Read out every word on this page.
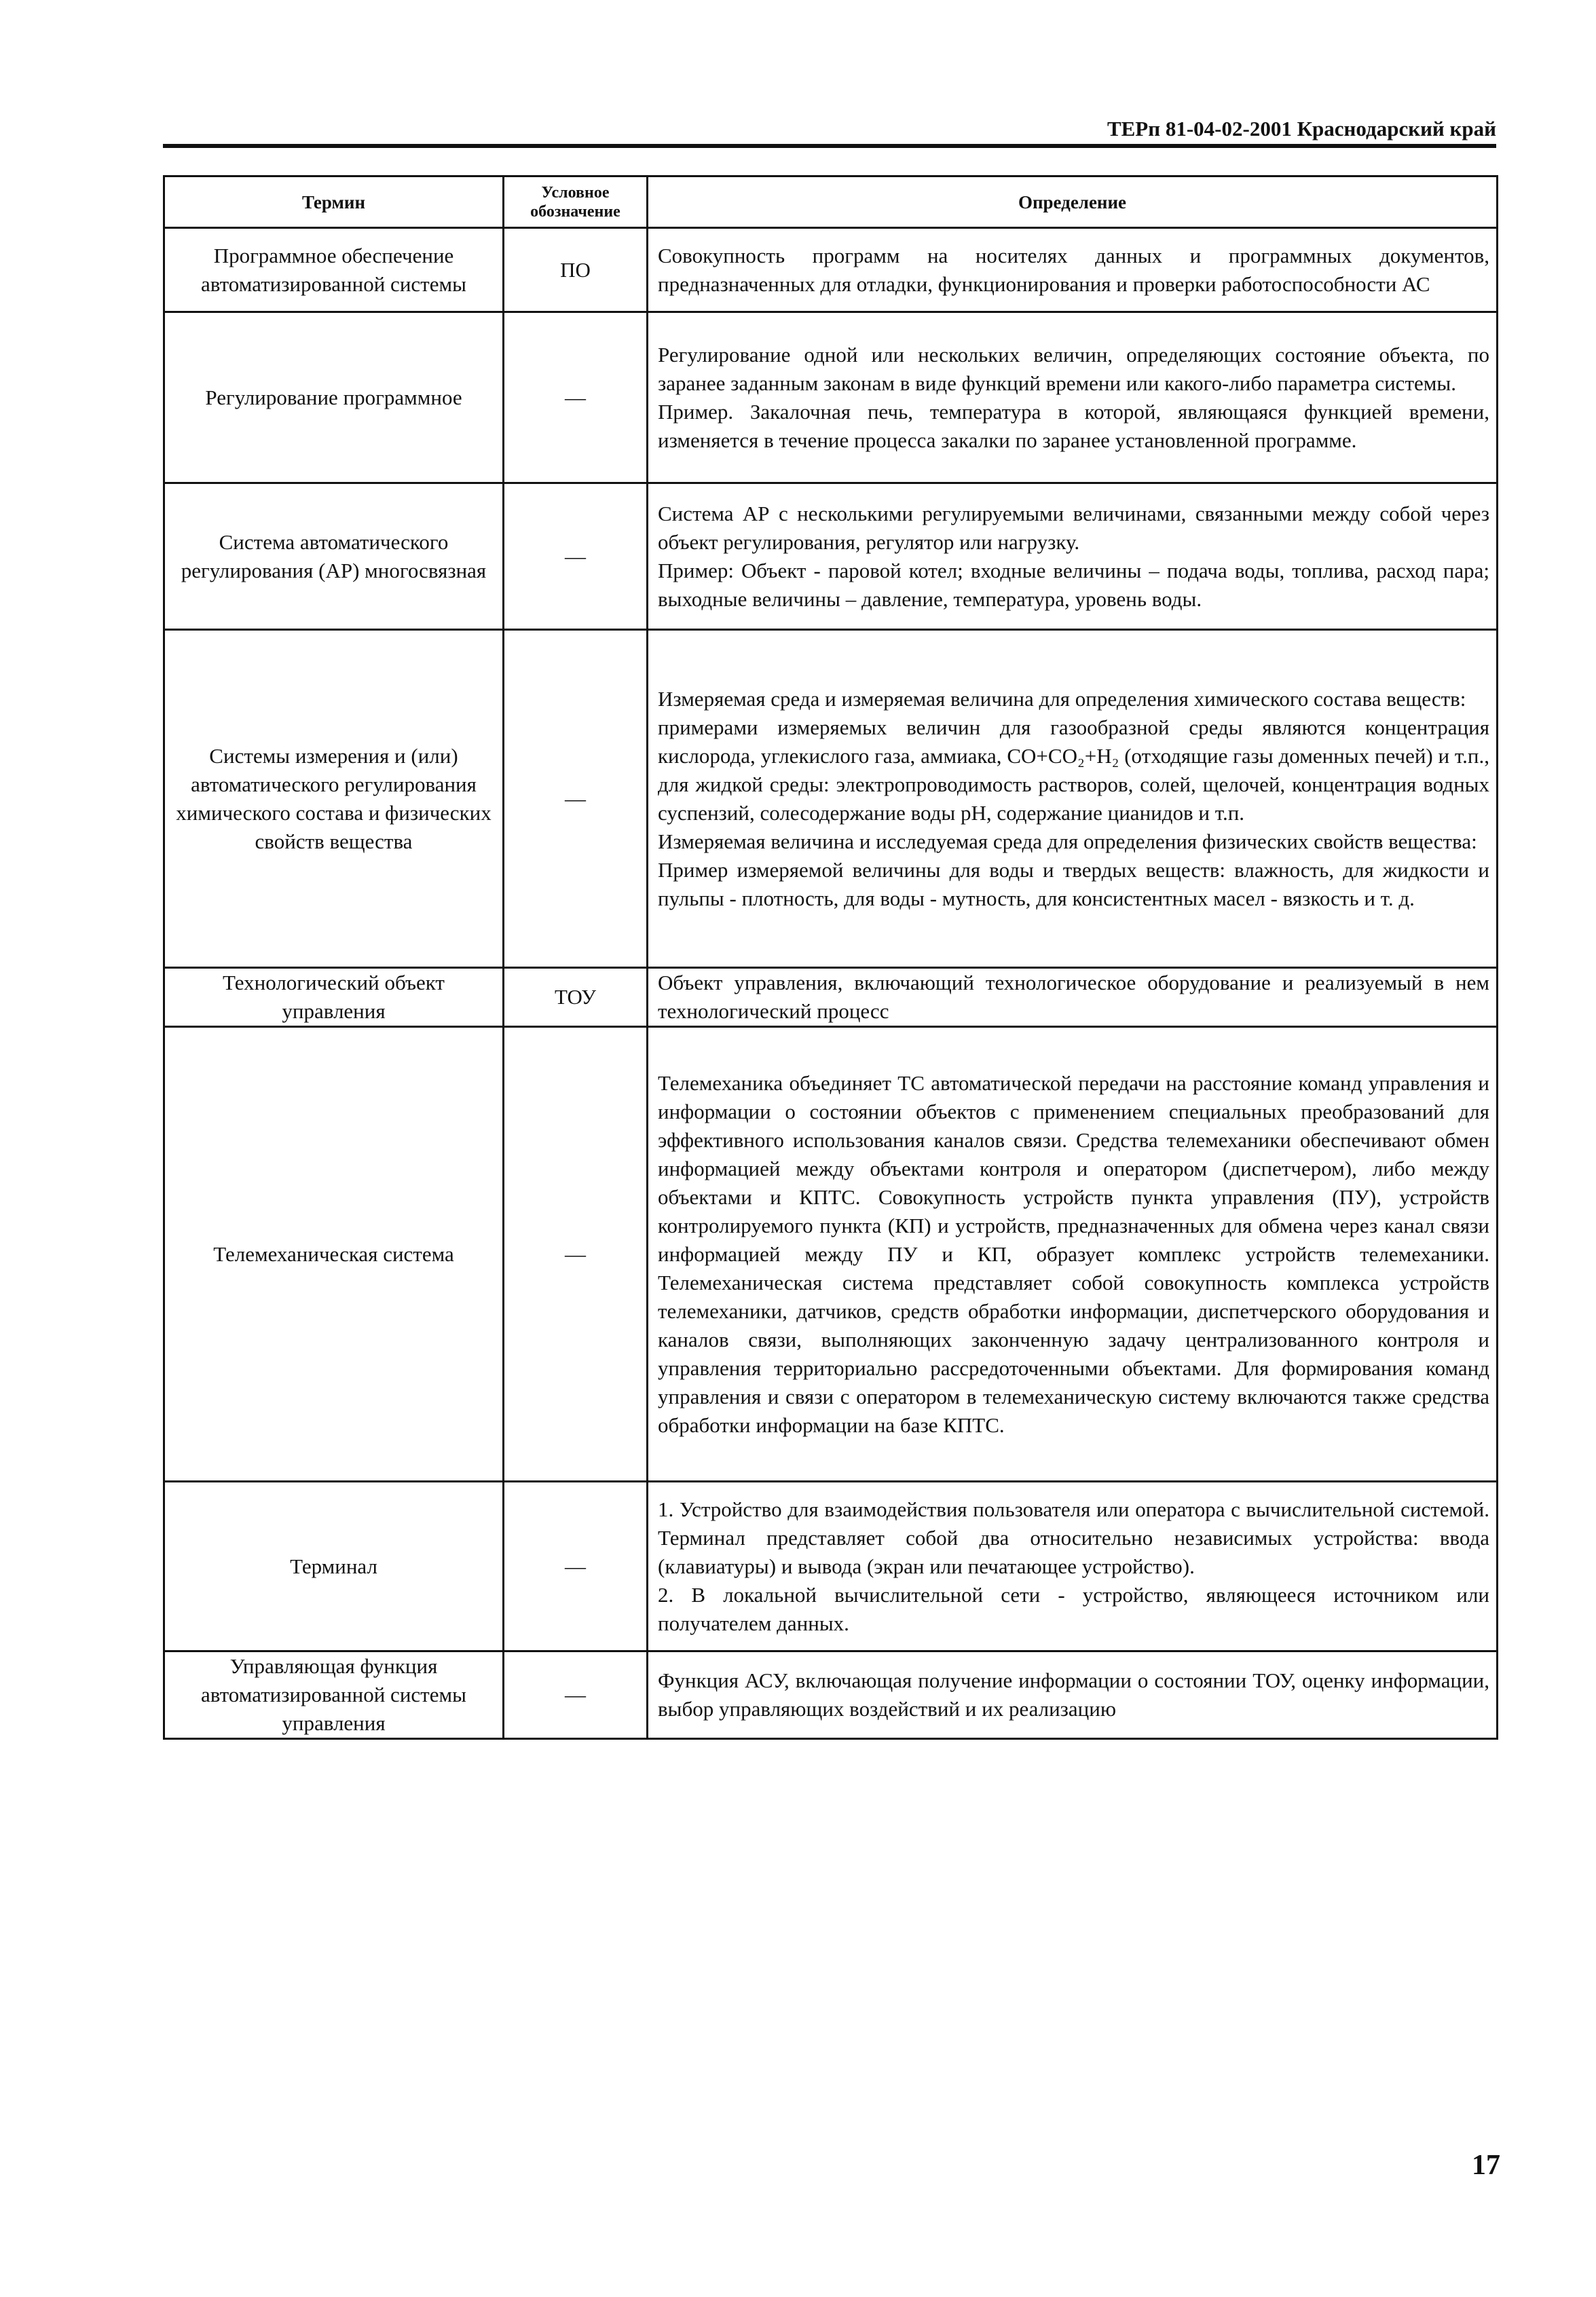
ТЕРп 81-04-02-2001 Краснодарский край
Термин	Условное обозначение	Определение
Программное обеспечение автоматизированной системы	ПО	Совокупность программ на носителях данных и программных документов, предназначенных для отладки, функционирования и проверки работоспособности АС

Регулирование программное	—	Регулирование одной или нескольких величин, определяющих состояние объекта, по заранее заданным законам в виде функций времени или какого-либо параметра системы.

Пример. Закалочная печь, температура в которой, являющаяся функцией времени, изменяется в течение процесса закалки по заранее установленной программе.

Система автоматического регулирования (АР) многосвязная	—	Система АР с несколькими регулируемыми величинами, связанными между собой через объект регулирования, регулятор или нагрузку.

Пример: Объект - паровой котел; входные величины – подача воды, топлива, расход пара; выходные величины – давление, температура, уровень воды.

Системы измерения и (или) автоматического регулирования химического состава и физических свойств вещества	—	Измеряемая среда и измеряемая величина для определения химического состава веществ:

примерами измеряемых величин для газообразной среды являются концентрация кислорода, углекислого газа, аммиака, CO+CO₂+H₂ (отходящие газы доменных печей) и т.п., для жидкой среды: электропроводимость растворов, солей, щелочей, концентрация водных суспензий, солесодержание воды pH, содержание цианидов и т.п.

Измеряемая величина и исследуемая среда для определения физических свойств вещества:

Пример измеряемой величины для воды и твердых веществ: влажность, для жидкости и пульпы - плотность, для воды - мутность, для консистентных масел - вязкость и т. д.

Технологический объект управления	ТОУ	Объект управления, включающий технологическое оборудование и реализуемый в нем технологический процесс

Телемеханическая система	—	Телемеханика объединяет ТС автоматической передачи на расстояние команд управления и информации о состоянии объектов с применением специальных преобразований для эффективного использования каналов связи. Средства телемеханики обеспечивают обмен информацией между объектами контроля и оператором (диспетчером), либо между объектами и КПТС. Совокупность устройств пункта управления (ПУ), устройств контролируемого пункта (КП) и устройств, предназначенных для обмена через канал связи информацией между ПУ и КП, образует комплекс устройств телемеханики. Телемеханическая система представляет собой совокупность комплекса устройств телемеханики, датчиков, средств обработки информации, диспетчерского оборудования и каналов связи, выполняющих законченную задачу централизованного контроля и управления территориально рассредоточенными объектами. Для формирования команд управления и связи с оператором в телемеханическую систему включаются также средства обработки информации на базе КПТС.

Терминал	—	1. Устройство для взаимодействия пользователя или оператора с вычислительной системой. Терминал представляет собой два относительно независимых устройства: ввода (клавиатуры) и вывода (экран или печатающее устройство).

2. В локальной вычислительной сети - устройство, являющееся источником или получателем данных.

Управляющая функция автоматизированной системы управления	—	Функция АСУ, включающая получение информации о состоянии ТОУ, оценку информации, выбор управляющих воздействий и их реализацию

17
